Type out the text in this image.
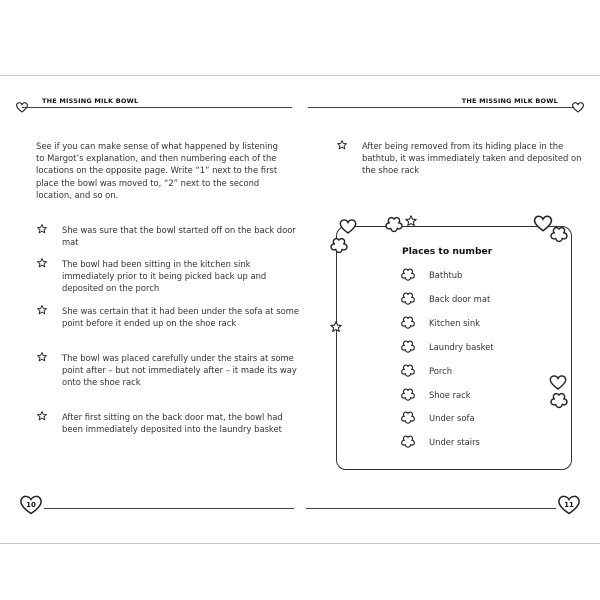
THE MISSING MILK BOWL	THE MISSING MILK BOWL
See if you can make sense of what happened by listening to Margot’s explanation, and then numbering each of the locations on the opposite page. Write “1” next to the first place the bowl was moved to, “2” next to the second location, and so on.
She was sure that the bowl started off on the back door mat
The bowl had been sitting in the kitchen sink immediately prior to it being picked back up and deposited on the porch
She was certain that it had been under the sofa at some point before it ended up on the shoe rack
The bowl was placed carefully under the stairs at some point after – but not immediately after – it made its way onto the shoe rack
After first sitting on the back door mat, the bowl had been immediately deposited into the laundry basket
After being removed from its hiding place in the bathtub, it was immediately taken and deposited on the shoe rack
Places to number
Bathtub
Back door mat
Kitchen sink
Laundry basket
Porch
Shoe rack
Under sofa
Under stairs
10	11
